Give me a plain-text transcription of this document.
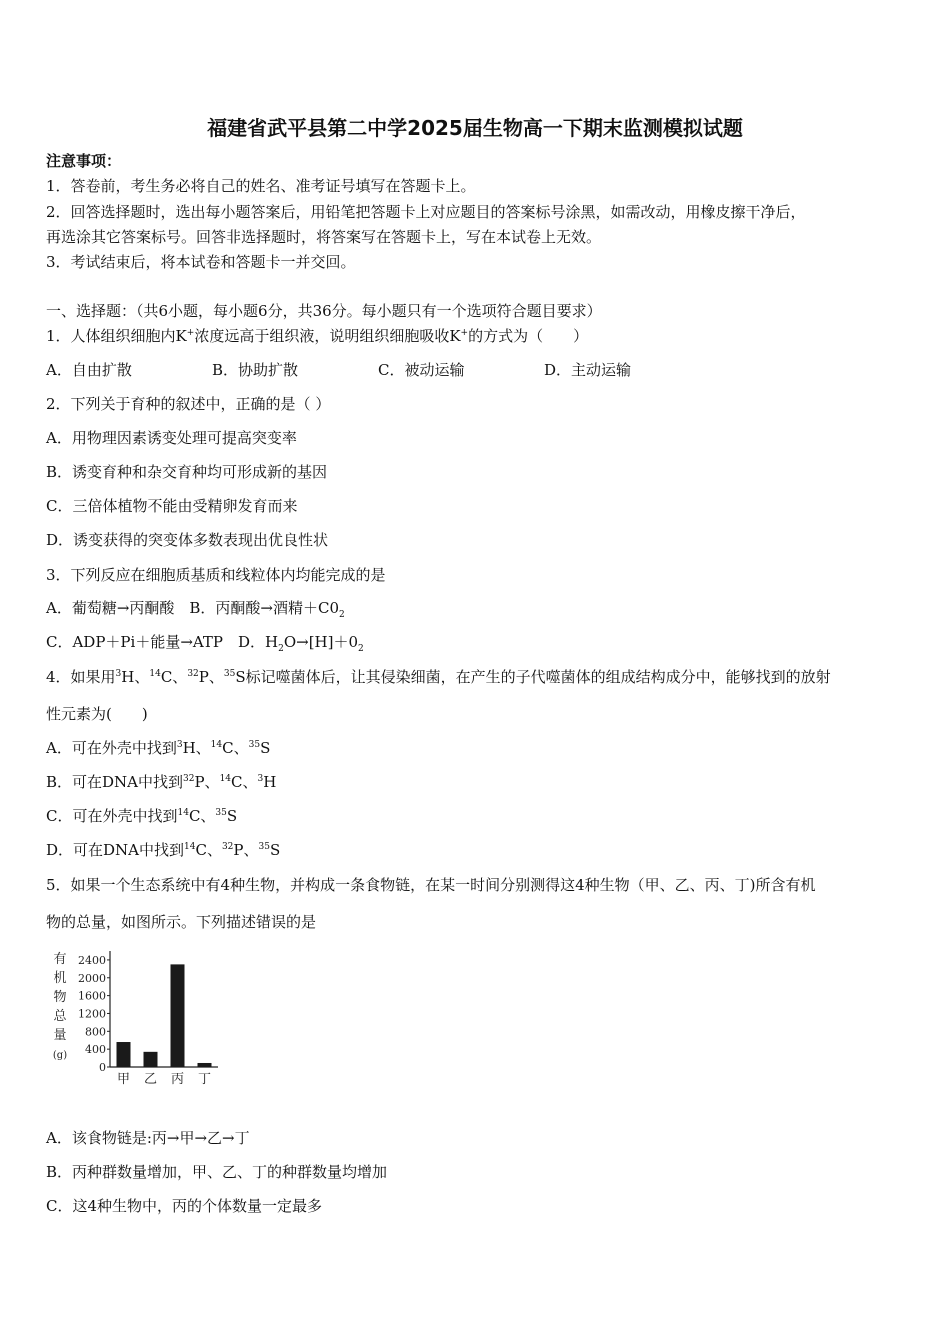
福建省武平县第二中学2025届生物高一下期末监测模拟试题
注意事项：
1．答卷前，考生务必将自己的姓名、准考证号填写在答题卡上。
2．回答选择题时，选出每小题答案后，用铅笔把答题卡上对应题目的答案标号涂黑，如需改动，用橡皮擦干净后，
再选涂其它答案标号。回答非选择题时，将答案写在答题卡上，写在本试卷上无效。
3．考试结束后，将本试卷和答题卡一并交回。
一、选择题：（共6小题，每小题6分，共36分。每小题只有一个选项符合题目要求）
1．人体组织细胞内K+浓度远高于组织液，说明组织细胞吸收K+的方式为（　　）
A．自由扩散	B．协助扩散	C．被动运输	D．主动运输
2．下列关于育种的叙述中，正确的是（ ）
A．用物理因素诱变处理可提高突变率
B．诱变育种和杂交育种均可形成新的基因
C．三倍体植物不能由受精卵发育而来
D．诱变获得的突变体多数表现出优良性状
3．下列反应在细胞质基质和线粒体内均能完成的是
A．葡萄糖→丙酮酸　B．丙酮酸→酒精$+C0_2$
C．ADP＋Pi＋能量→ATP　D．$H_2O\to[H]+0_2$
4．如果用$^3$H、$^{14}$C、$^{32}$P、$^{35}$S标记噬菌体后，让其侵染细菌，在产生的子代噬菌体的组成结构成分中，能够找到的放射
性元素为(　　)
A．可在外壳中找到$^3$H、$^{14}$C、$^{35}$S
B．可在DNA中找到$^{32}$P、$^{14}$C、$^3$H
C．可在外壳中找到$^{14}$C、$^{35}$S
D．可在DNA中找到$^{14}$C、$^{32}$P、$^{35}$S
5．如果一个生态系统中有4种生物，并构成一条食物链，在某一时间分别测得这4种生物（甲、乙、丙、丁)所含有机
物的总量，如图所示。下列描述错误的是
有
机
物
总
量
(g)
2400
2000
1600
1200
800
400
0
甲 乙 丙 丁
A．该食物链是:丙→甲→乙→丁
B．丙种群数量增加，甲、乙、丁的种群数量均增加
C．这4种生物中，丙的个体数量一定最多
